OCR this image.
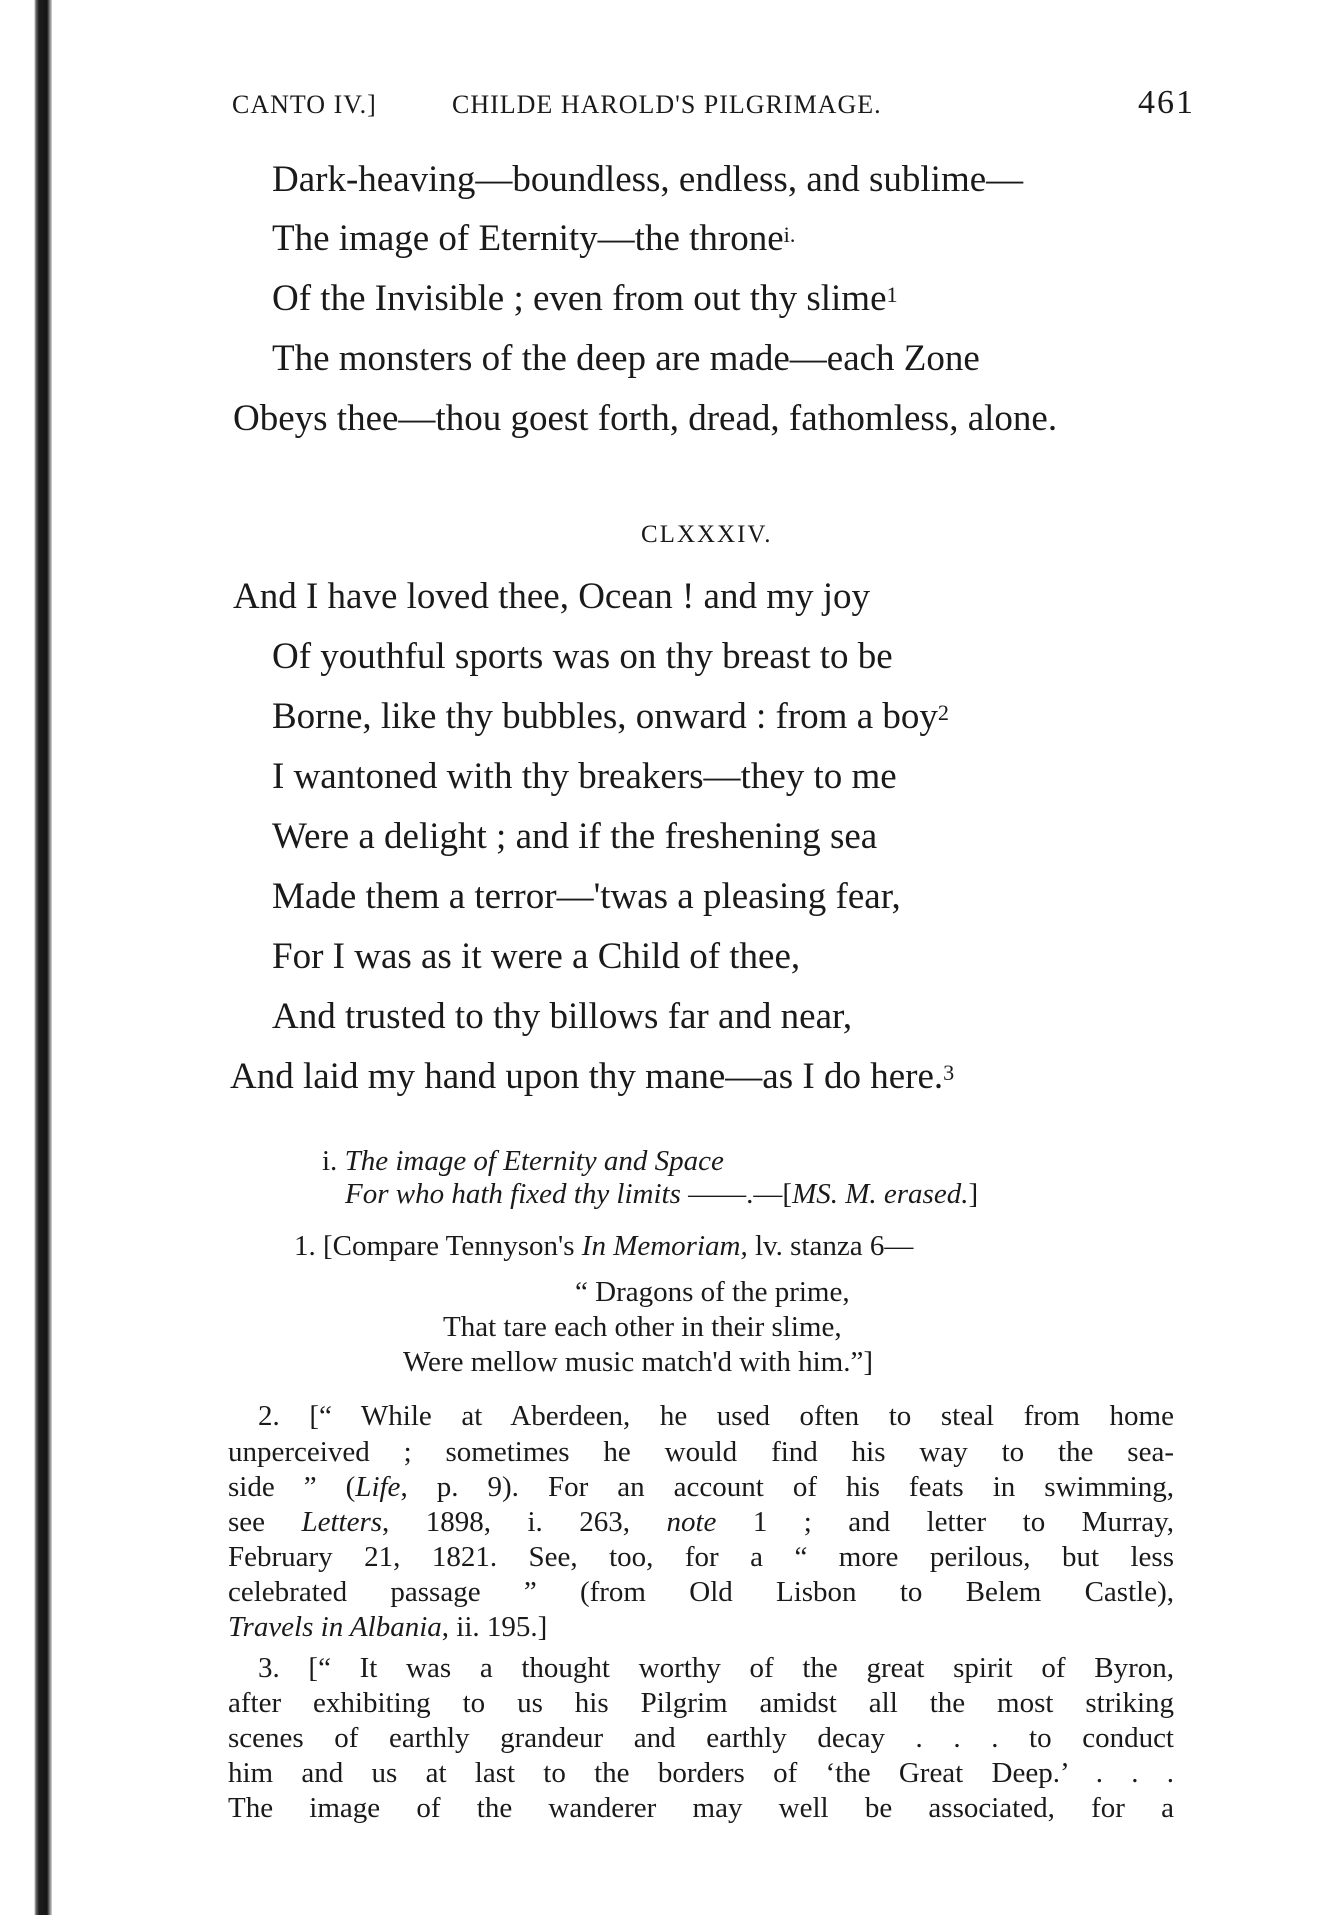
CANTO IV.]	CHILDE HAROLD'S PILGRIMAGE.	461
Dark-heaving—boundless, endless, and sublime—
The image of Eternity—the throne$^{i.}$
Of the Invisible ; even from out thy slime$^1$
The monsters of the deep are made—each Zone
Obeys thee—thou goest forth, dread, fathomless, alone.
CLXXXIV.
And I have loved thee, Ocean ! and my joy
Of youthful sports was on thy breast to be
Borne, like thy bubbles, onward : from a boy$^2$
I wantoned with thy breakers—they to me
Were a delight ; and if the freshening sea
Made them a terror—'twas a pleasing fear,
For I was as it were a Child of thee,
And trusted to thy billows far and near,
And laid my hand upon thy mane—as I do here.$^3$
i. The image of Eternity and Space
For who hath fixed thy limits ——.—[MS. M. erased.]
1. [Compare Tennyson's In Memoriam, lv. stanza 6—
“ Dragons of the prime,
That tare each other in their slime,
Were mellow music match'd with him.”]
2. [“ While at Aberdeen, he used often to steal from home
unperceived ; sometimes he would find his way to the sea-
side ” (Life, p. 9). For an account of his feats in swimming,
see Letters, 1898, i. 263, note 1 ; and letter to Murray,
February 21, 1821. See, too, for a “ more perilous, but less
celebrated passage ” (from Old Lisbon to Belem Castle),
Travels in Albania, ii. 195.]
3. [“ It was a thought worthy of the great spirit of Byron,
after exhibiting to us his Pilgrim amidst all the most striking
scenes of earthly grandeur and earthly decay . . . to conduct
him and us at last to the borders of ‘the Great Deep.’ . . .
The image of the wanderer may well be associated, for a
